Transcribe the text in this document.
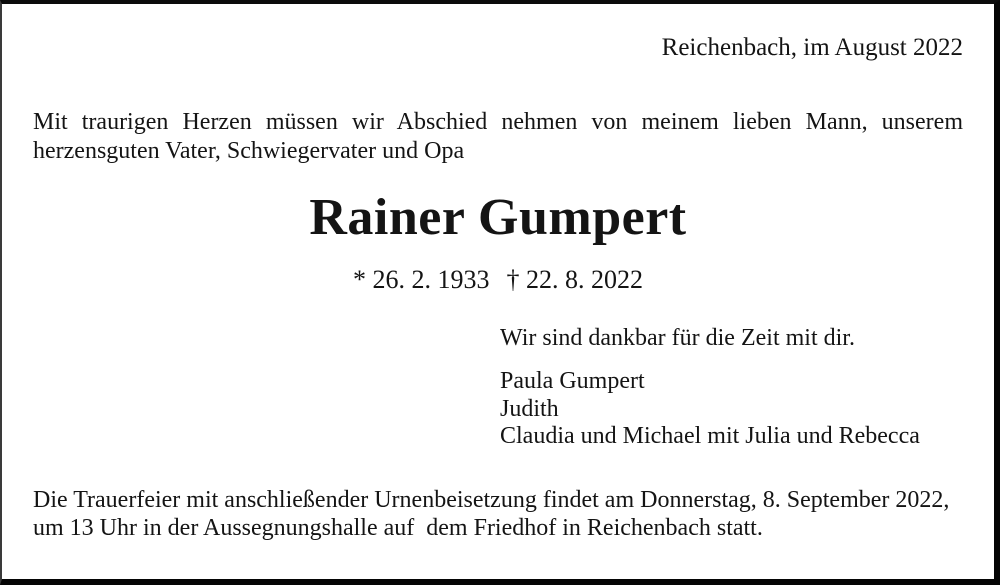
Reichenbach, im August 2022
Mit traurigen Herzen müssen wir Abschied nehmen von meinem lieben Mann, unserem
herzensguten Vater, Schwiegervater und Opa
Rainer Gumpert
* 26. 2. 1933 † 22. 8. 2022
Wir sind dankbar für die Zeit mit dir.
Paula Gumpert
Judith
Claudia und Michael mit Julia und Rebecca
Die Trauerfeier mit anschließender Urnenbeisetzung findet am Donnerstag, 8. September 2022,
um 13 Uhr in der Aussegnungshalle auf  dem Friedhof in Reichenbach statt.
